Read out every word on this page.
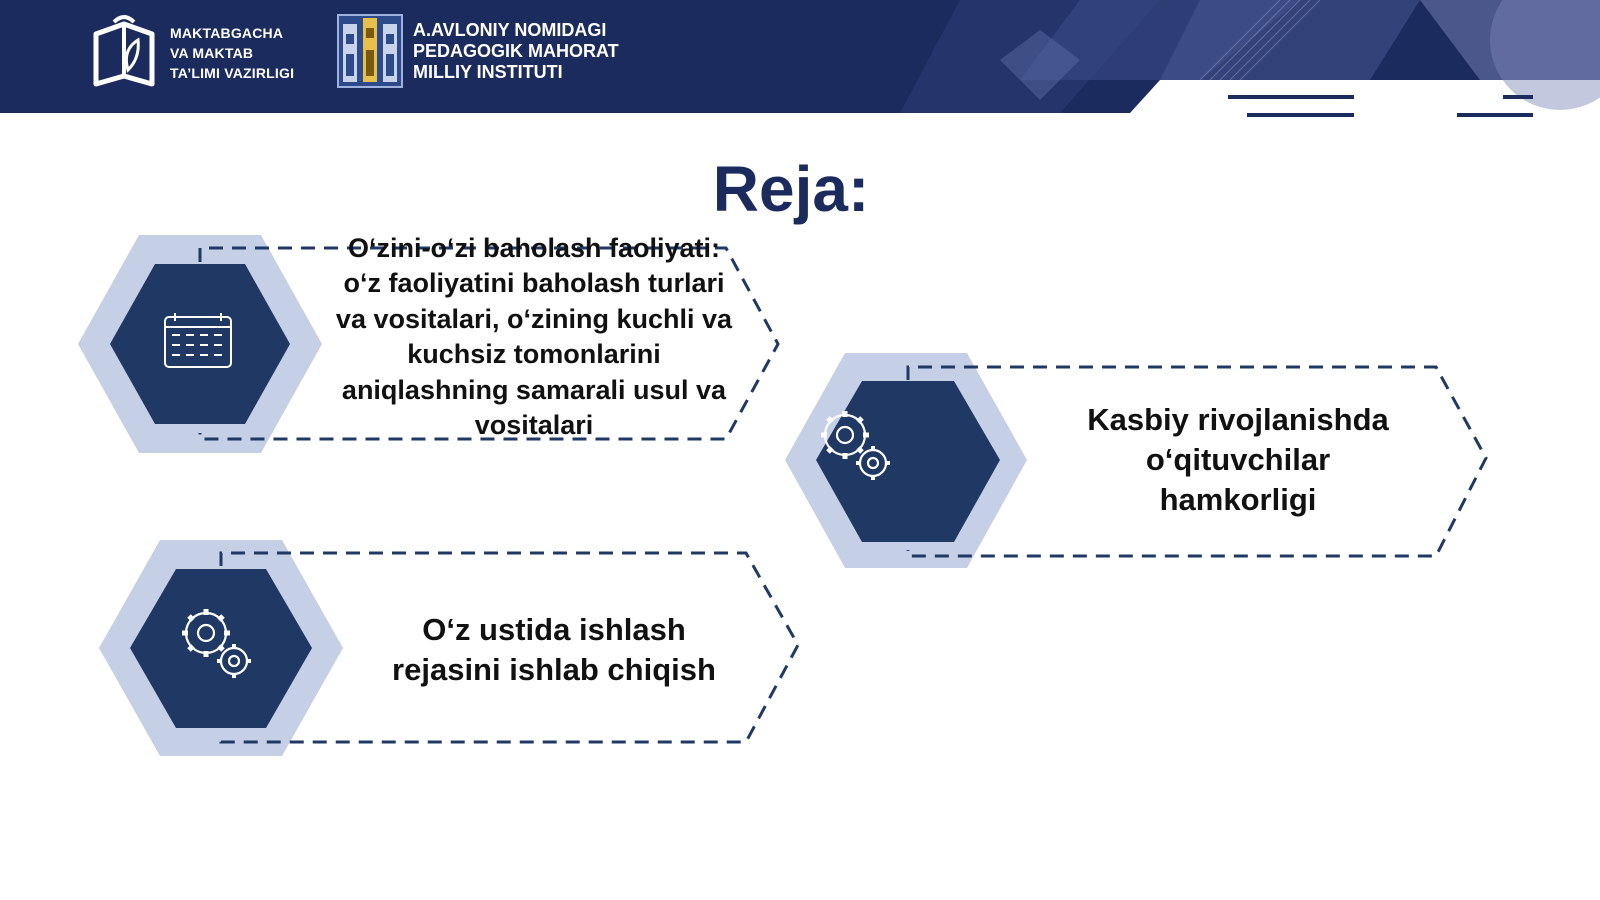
MAKTABGACHA
VA MAKTAB
TA’LIMI VAZIRLIGI
A.AVLONIY NOMIDAGI
PEDAGOGIK MAHORAT
MILLIY INSTITUTI
Reja:
O‘zini-o‘zi baholash faoliyati: o‘z faoliyatini baholash turlari va vositalari, o‘zining kuchli va kuchsiz tomonlarini aniqlashning samarali usul va vositalari	Kasbiy rivojlanishda o‘qituvchilar hamkorligi
O‘z ustida ishlash rejasini ishlab chiqish
